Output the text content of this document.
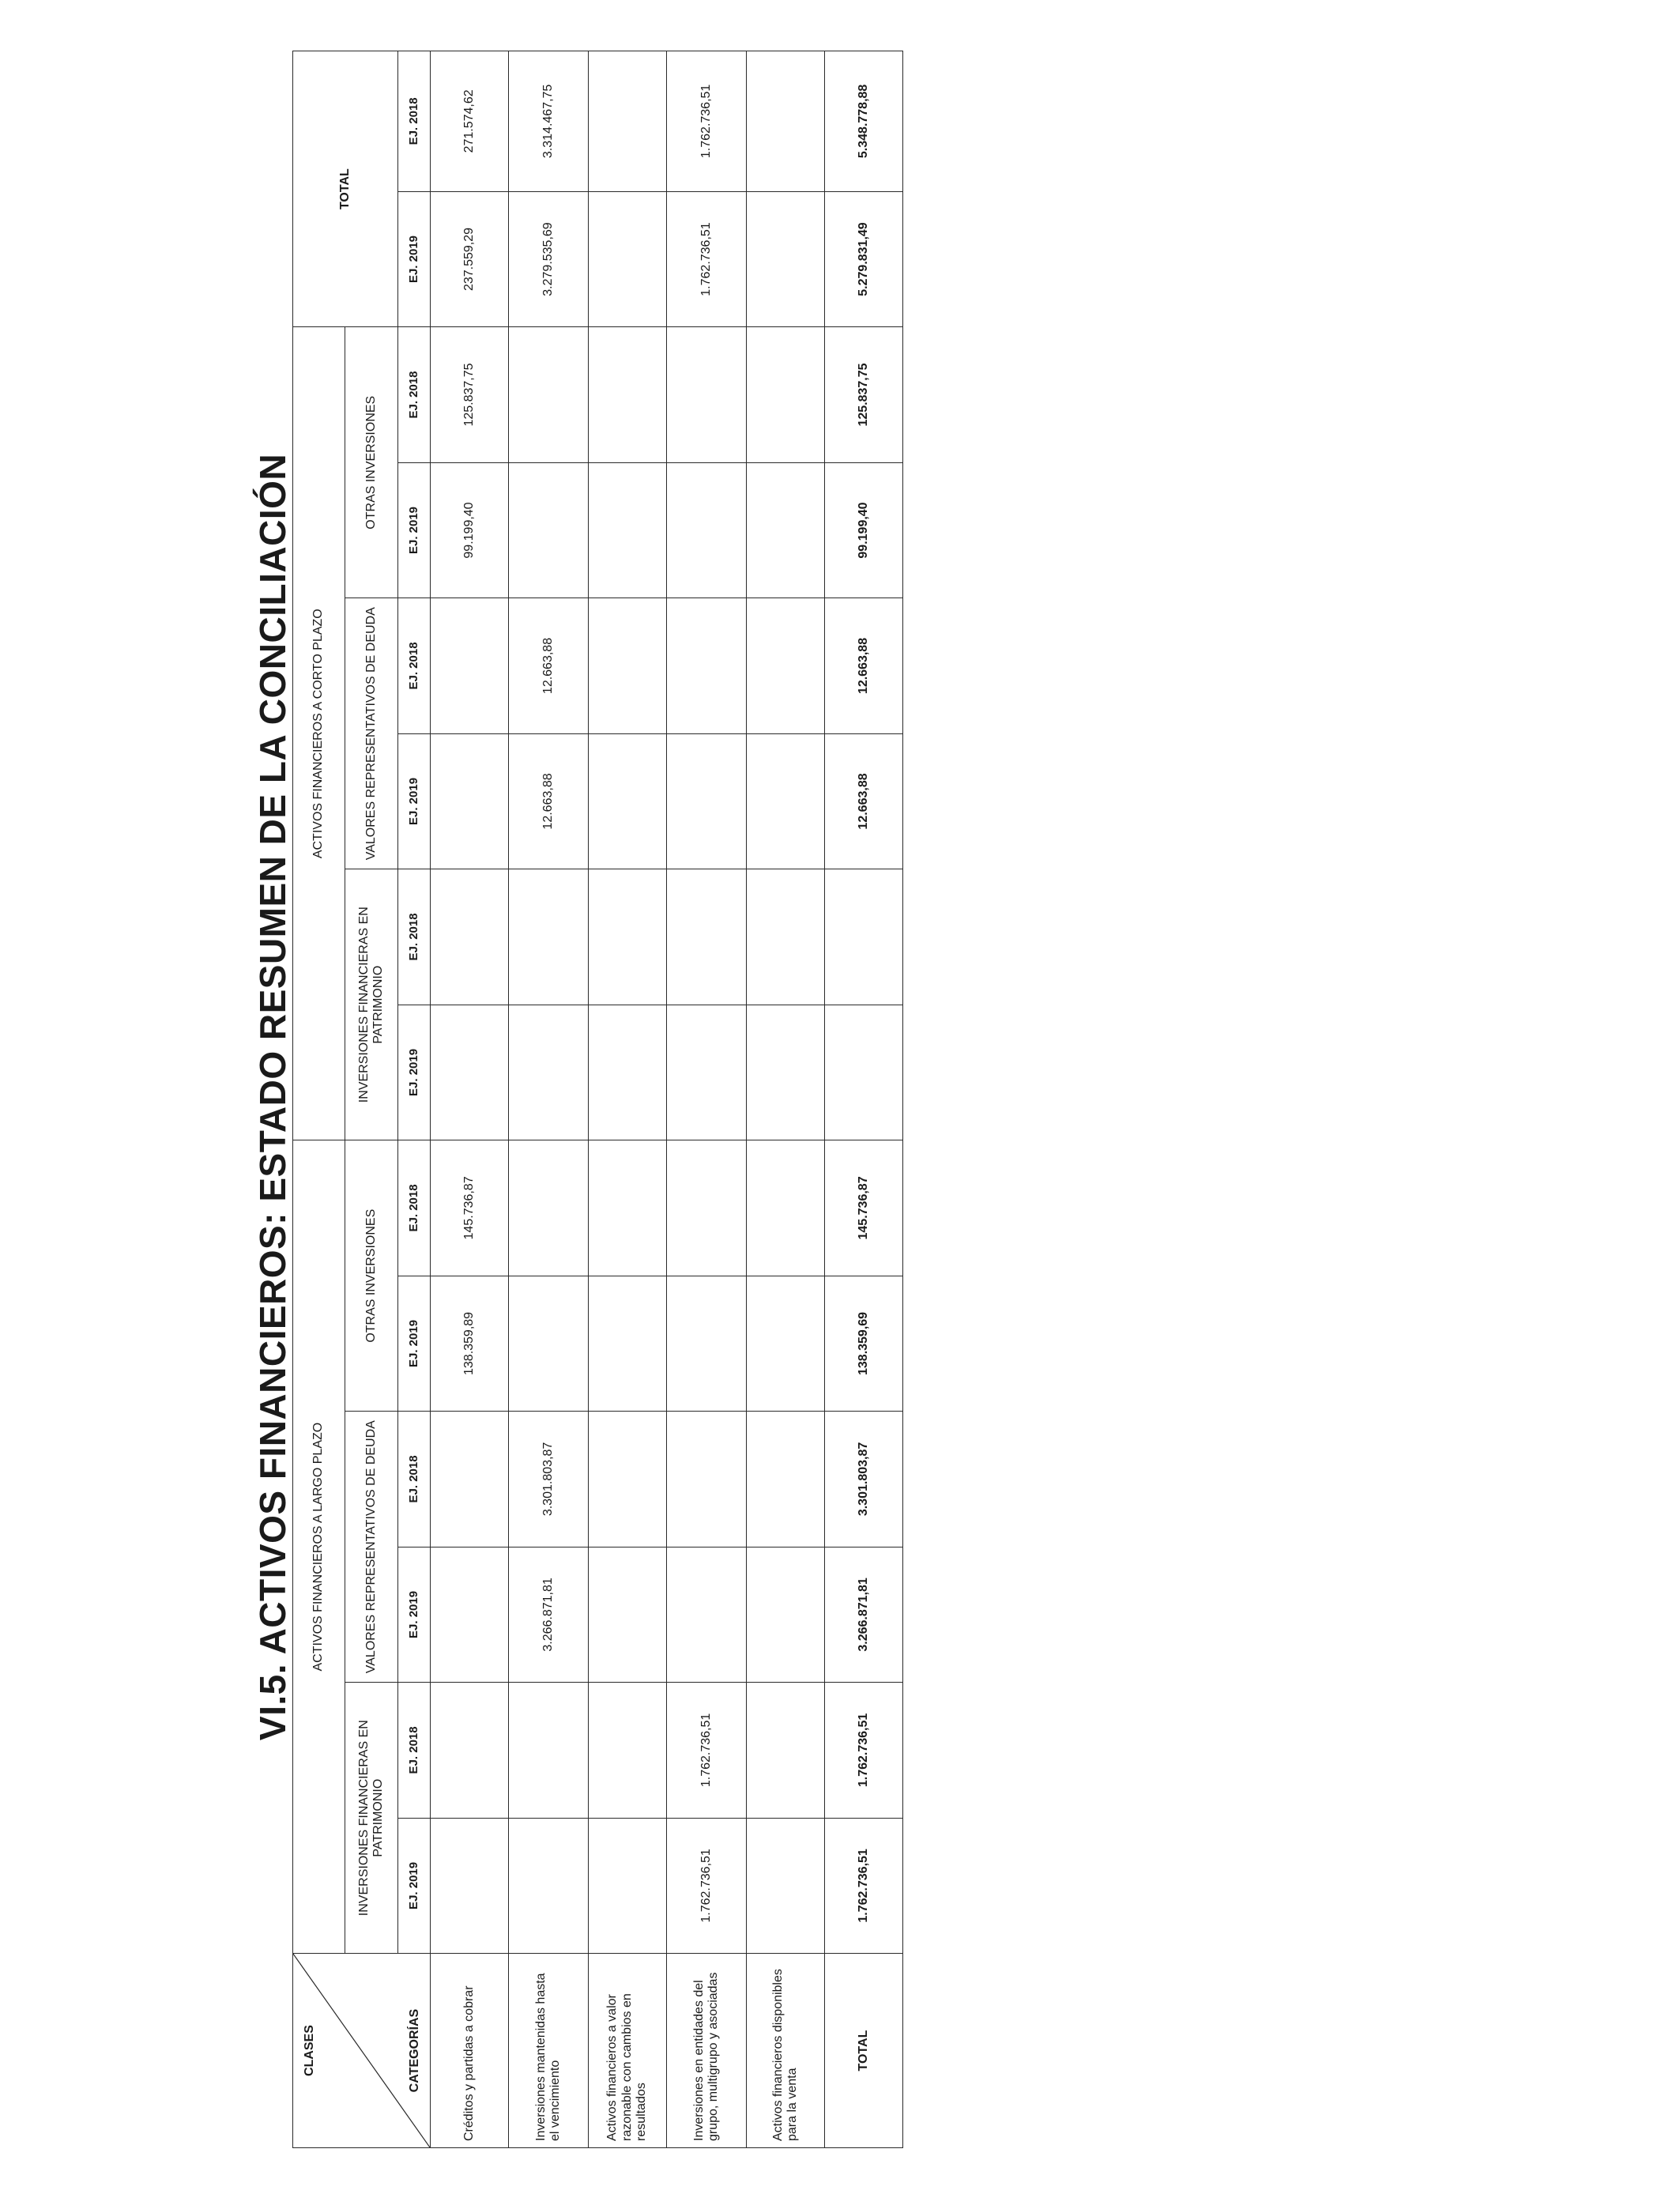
VI.5. ACTIVOS FINANCIEROS: ESTADO RESUMEN DE LA CONCILIACIÓN
CLASES CATEGORÍAS	ACTIVOS FINANCIEROS A LARGO PLAZO						ACTIVOS FINANCIEROS A CORTO PLAZO						TOTAL	
	INVERSIONES FINANCIERAS EN PATRIMONIO		VALORES REPRESENTATIVOS DE DEUDA		OTRAS INVERSIONES		INVERSIONES FINANCIERAS EN PATRIMONIO		VALORES REPRESENTATIVOS DE DEUDA		OTRAS INVERSIONES			
	EJ. 2019	EJ. 2018	EJ. 2019	EJ. 2018	EJ. 2019	EJ. 2018	EJ. 2019	EJ. 2018	EJ. 2019	EJ. 2018	EJ. 2019	EJ. 2018	EJ. 2019	EJ. 2018
Créditos y partidas a cobrar					138.359,89	145.736,87					99.199,40	125.837,75	237.559,29	271.574,62
Inversiones mantenidas hasta el vencimiento			3.266.871,81	3.301.803,87					12.663,88	12.663,88			3.279.535,69	3.314.467,75
Activos financieros a valor razonable con cambios en resultados														
Inversiones en entidades del grupo, multigrupo y asociadas	1.762.736,51	1.762.736,51											1.762.736,51	1.762.736,51
Activos financieros disponibles para la venta														
TOTAL	1.762.736,51	1.762.736,51	3.266.871,81	3.301.803,87	138.359,69	145.736,87			12.663,88	12.663,88	99.199,40	125.837,75	5.279.831,49	5.348.778,88
